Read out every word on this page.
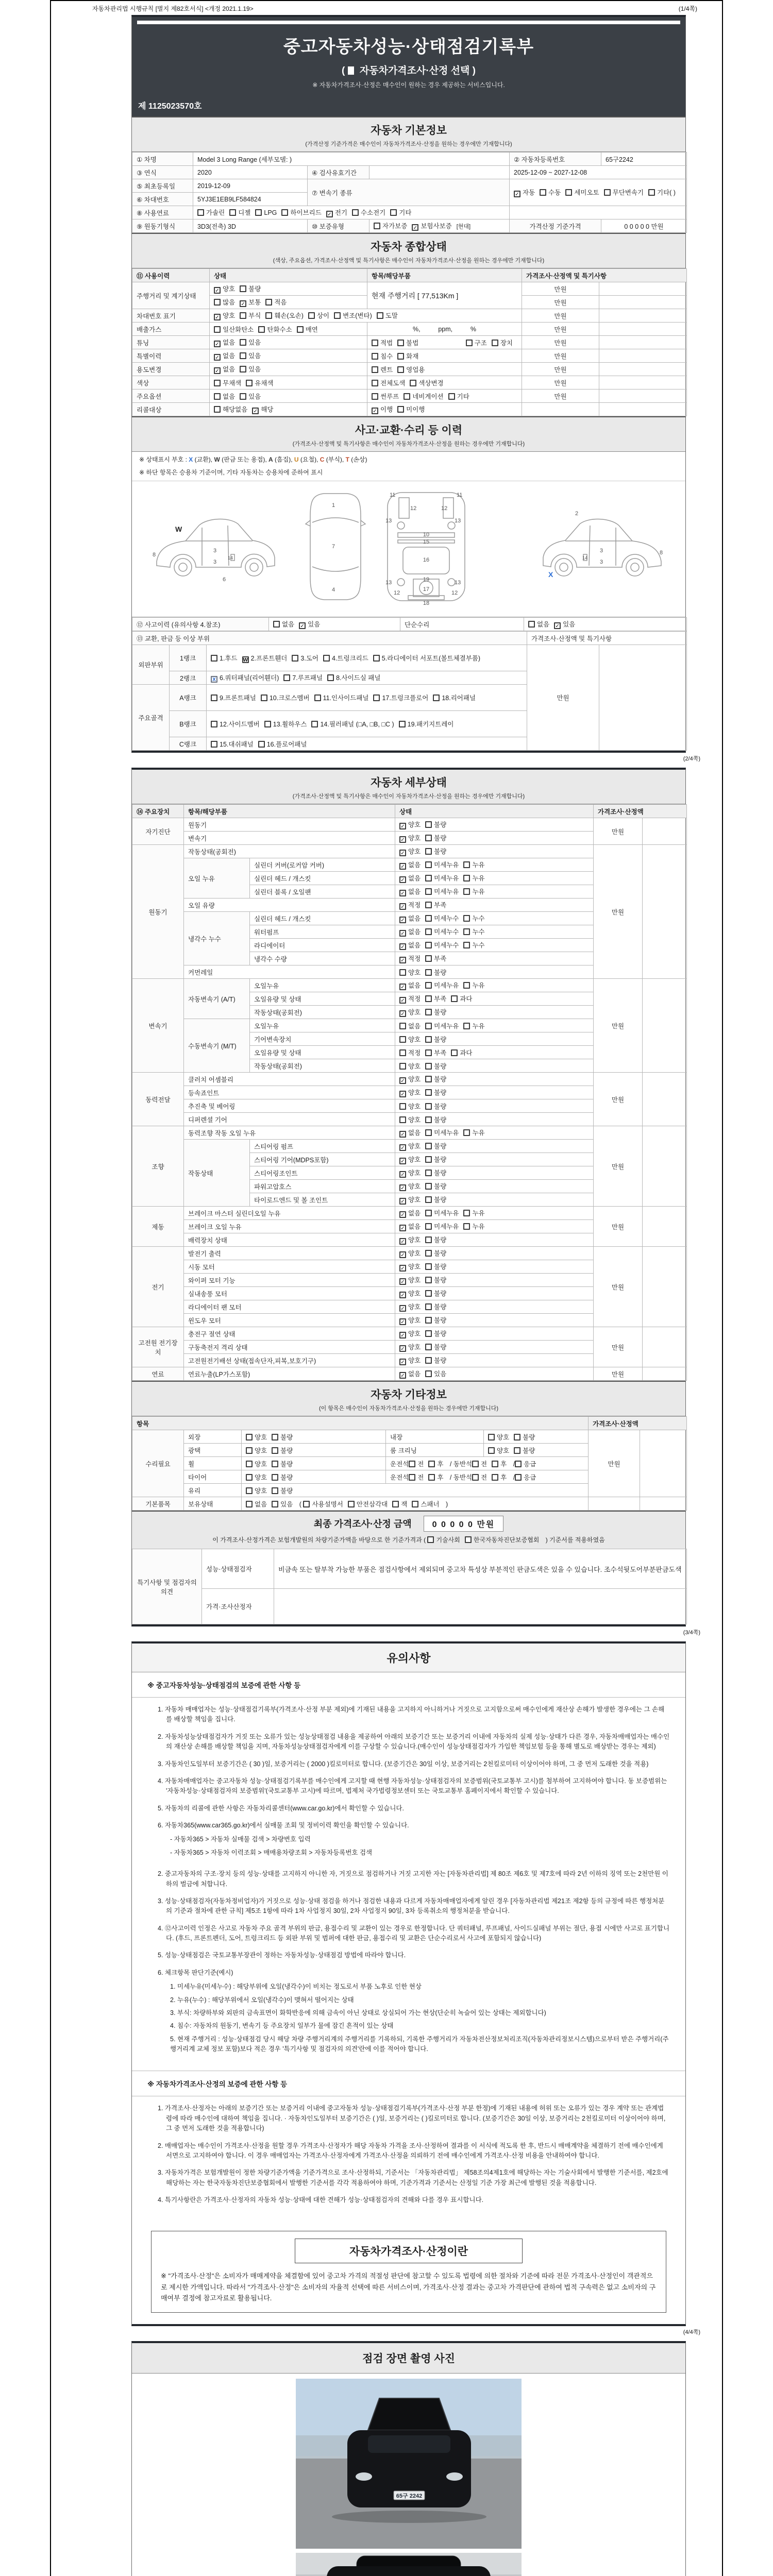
자동차관리법 시행규칙 [별지 제82호서식] <개정 2021.1.19>	(1/4쪽)
중고자동차성능·상태점검기록부
( 자동차가격조사·산정 선택 )
※ 자동차가격조사·산정은 매수인이 원하는 경우 제공하는 서비스입니다.
제 1125023570호
자동차 기본정보
(가격산정 기준가격은 매수인이 자동차가격조사·산정을 원하는 경우에만 기재합니다)
① 차명	Model 3 Long Range (세부모델: )			② 자동차등록번호	65구2242
③ 연식	2020	④ 검사유효기간		2025-12-09 ~ 2027-12-08	
⑤ 최초등록일	2019-12-09	⑦ 변속기 종류		✓ 자동 수동 세미오토 무단변속기 기타( )	
⑥ 차대번호	5YJ3E1EB9LF584824				
⑧ 사용연료	가솔린 디젤 LPG 하이브리드 ✓ 전기 수소전기 기타				
⑨ 원동기형식	3D3(전축) 3D	⑩ 보증유형	자가보증 ✓ 보험사보증 [현대]	가격산정 기준가격	0 0 0 0 0 만원
자동차 종합상태
(색상, 주요옵션, 가격조사·산정액 및 특기사항은 매수인이 자동차가격조사·산정을 원하는 경우에만 기재합니다)
⑪ 사용이력	상태	항목/해당부품	가격조사·산정액 및 특기사항	
주행거리 및 계기상태	✓ 양호 불량	현재 주행거리 [ 77,513Km ]	만원	
	많음 ✓ 보통 적음		만원	
차대번호 표기	✓ 양호 부식 훼손(오손) 상이 변조(변타) 도말		만원	
배출가스	일산화탄소 탄화수소 매연	%,          ppm,          %	만원	
튜닝	✓ 없음 있음	적법 불법 구조 장치	만원	
특별이력	✓ 없음 있음	침수 화재	만원	
용도변경	✓ 없음 있음	렌트 영업용	만원	
색상	무채색 유채색	전체도색 색상변경	만원	
주요옵션	없음 있음	썬루프 네비게이션 기타	만원	
리콜대상	해당없음 ✓ 해당	✓ 이행 미이행		
사고·교환·수리 등 이력
(가격조사·산정액 및 특기사항은 매수인이 자동차가격조사·산정을 원하는 경우에만 기재합니다)
※ 상태표시 부호 : X (교환), W (판금 또는 용접), A (흠집), U (요철), C (부식), T (손상)
※ 하단 항목은 승용차 기준이며, 기타 자동차는 승용차에 준하여 표시
8
3
3
14
6
1
7
4
11	11
12	12
13	13
10
15
16
13	13
19
17
12	12
18
2
3
3
8
14
W
X
⑫ 사고이력 (유의사항 4.참조)	없음 ✓ 있음	단순수리	없음 ✓ 있음
⑬ 교환, 판금 등 이상 부위			가격조사·산정액 및 특기사항	
외판부위	1랭크	1.후드 W 2.프론트휀더 3.도어 4.트렁크리드 5.라디에이터 서포트(볼트체결부품)	만원	
	2랭크	X 6.쿼터패널(리어휀더) 7.루프패널 8.사이드실 패널		
주요골격	A랭크	9.프론트패널 10.크로스멤버 11.인사이드패널 17.트렁크플로어 18.리어패널		
	B랭크	12.사이드멤버 13.휠하우스 14.필러패널 (□A, □B, □C ) 19.패키지트레이		
	C랭크	15.대쉬패널 16.플로어패널		
(2/4쪽)
자동차 세부상태
(가격조사·산정액 및 특기사항은 매수인이 자동차가격조사·산정을 원하는 경우에만 기재합니다)
⑭ 주요장치	항목/해당부품		상태	가격조사·산정액	
자기진단	원동기		✓ 양호 불량	만원	
	변속기		✓ 양호 불량		
원동기	작동상태(공회전)		✓ 양호 불량	만원	
	오일 누유	실린더 커버(로커암 커버)	✓ 없음 미세누유 누유		
		실린더 헤드 / 개스킷	✓ 없음 미세누유 누유		
		실린더 블록 / 오일팬	✓ 없음 미세누유 누유		
	오일 유량		✓ 적정 부족		
	냉각수 누수	실린더 헤드 / 개스킷	✓ 없음 미세누수 누수		
		워터펌프	✓ 없음 미세누수 누수		
		라디에이터	✓ 없음 미세누수 누수		
		냉각수 수량	✓ 적정 부족		
	커먼레일		양호 불량		
변속기	자동변속기 (A/T)	오일누유	✓ 없음 미세누유 누유	만원	
		오일유량 및 상태	✓ 적정 부족 과다		
		작동상태(공회전)	✓ 양호 불량		
	수동변속기 (M/T)	오일누유	없음 미세누유 누유		
		기어변속장치	양호 불량		
		오일유량 및 상태	적정 부족 과다		
		작동상태(공회전)	양호 불량		
동력전달	클러치 어셈블리		✓ 양호 불량	만원	
	등속죠인트		✓ 양호 불량		
	추진축 및 베어링		양호 불량		
	디퍼렌셜 기어		양호 불량		
조향	동력조향 작동 오일 누유		✓ 없음 미세누유 누유	만원	
	작동상태	스티어링 펌프	✓ 양호 불량		
		스티어링 기어(MDPS포함)	✓ 양호 불량		
		스티어링조인트	✓ 양호 불량		
		파워고압호스	✓ 양호 불량		
		타이로드엔드 및 볼 조인트	✓ 양호 불량		
제동	브레이크 마스터 실린더오일 누유		✓ 없음 미세누유 누유	만원	
	브레이크 오일 누유		✓ 없음 미세누유 누유		
	배력장치 상태		✓ 양호 불량		
전기	발전기 출력		✓ 양호 불량	만원	
	시동 모터		✓ 양호 불량		
	와이퍼 모터 기능		✓ 양호 불량		
	실내송풍 모터		✓ 양호 불량		
	라디에이터 팬 모터		✓ 양호 불량		
	윈도우 모터		✓ 양호 불량		
고전원 전기장치	충전구 절연 상태		✓ 양호 불량	만원	
	구동축전지 격리 상태		✓ 양호 불량		
	고전원전기배선 상태(접속단자,피복,보호기구)		✓ 양호 불량		
연료	연료누출(LP가스포함)		✓ 없음 있음	만원	
자동차 기타정보
(이 항목은 매수인이 자동차가격조사·산정을 원하는 경우에만 기재합니다)
항목					가격조사·산정액	
수리필요	외장	양호 불량	내장	양호 불량	만원	
	광택	양호 불량	룸 크리닝	양호 불량		
	휠	양호 불량	운전석 전 후 / 동반석 전 후 / 응급			
	타이어	양호 불량	운전석 전 후 / 동반석 전 후 / 응급			
	유리	양호 불량				
기본품목	보유상태	없음 있음 ( 사용설명서 안전삼각대 잭 스패너 )				
최종 가격조사·산정 금액	0 0 0 0 0 만원
이 가격조사·산정가격은 보험개발원의 차량기준가액을 바탕으로 한 기준가격과 ( 기술사회 한국자동차진단보증협회 ) 기준서를 적용하였음
특기사항 및 점검자의 의견	성능·상태점검자	비금속 또는 탈부착 가능한 부품은 점검사항에서 제외되며 중고차 특성상 부분적인 판금도색은 있을 수 있습니다. 조수석뒷도어부분판금도색
	가격·조사산정자	
(3/4쪽)
유의사항
※ 중고자동차성능·상태점검의 보증에 관한 사항 등
1. 자동차 매매업자는 성능·상태점검기록부(가격조사·산정 부분 제외)에 기재된 내용을 고지하지 아니하거나 거짓으로 고지함으로써 매수인에게 재산상 손해가 발생한 경우에는 그 손해를 배상할 책임을 집니다.
2. 자동차성능상태점검자가 거짓 또는 오류가 있는 성능상태점검 내용을 제공하여 아래의 보증기간 또는 보증거리 이내에 자동차의 실제 성능·상태가 다른 경우, 자동차매매업자는 매수인의 재산상 손해를 배상할 책임을 지며, 자동차성능상태점검자에게 이를 구상할 수 있습니다.(매수인이 성능상태점검자가 가입한 책임보험 등을 통해 별도로 배상받는 경우는 제외)
3. 자동차인도일부터 보증기간은 ( 30 )일, 보증거리는 ( 2000 )킬로미터로 합니다. (보증기간은 30일 이상, 보증거리는 2천킬로미터 이상이어야 하며, 그 중 먼저 도래한 것을 적용)
4. 자동차매매업자는 중고자동차 성능·상태점검기록부를 매수인에게 고지할 때 현행 자동차성능·상태점검자의 보증범위(국토교통부 고시)를 첨부하여 고지하여야 합니다. 동 보증범위는 '자동차성능·상태점검자의 보증범위'(국토교통부 고시)에 따르며, 법제처 국가법령정보센터 또는 국토교통부 홈페이지에서 확인할 수 있습니다.
5. 자동차의 리콜에 관한 사항은 자동차리콜센터(www.car.go.kr)에서 확인할 수 있습니다.
6. 자동차365(www.car365.go.kr)에서 실매물 조회 및 정비이력 확인을 확인할 수 있습니다.
- 자동차365 > 자동차 실매물 검색 > 차량번호 입력
- 자동차365 > 자동차 이력조회 > 매매용차량조회 > 자동차등록번호 검색
2. 중고자동차의 구조·장치 등의 성능·상태를 고지하지 아니한 자, 거짓으로 점검하거나 거짓 고지한 자는 [자동차관리법] 제 80조 제6호 및 제7호에 따라 2년 이하의 징역 또는 2천만원 이하의 벌금에 처합니다.
3. 성능·상태점검자(자동차정비업자)가 거짓으로 성능·상태 점검을 하거나 점검한 내용과 다르게 자동차매매업자에게 알린 경우 [자동차관리법 제21조 제2항 등의 규정에 따른 행정처분의 기준과 절차에 관한 규칙] 제5조 1항에 따라 1차 사업정지 30일, 2차 사업정지 90일, 3차 등록취소의 행정처분을 받습니다.
4. ⑫사고이력 인정은 사고로 자동차 주요 골격 부위의 판금, 용접수리 및 교환이 있는 경우로 한정합니다. 단 쿼터패널, 루프패널, 사이드실패널 부위는 절단, 용접 시에만 사고로 표기합니다. (후드, 프론트펜더, 도어, 트렁크리드 등 외판 부위 및 범퍼에 대한 판금, 용접수리 및 교환은 단순수리로서 사고에 포함되지 않습니다)
5. 성능·상태점검은 국토교통부장관이 정하는 자동차성능·상태점검 방법에 따라야 합니다.
6. 체크항목 판단기준(예시)
1. 미세누유(미세누수) : 해당부위에 오일(냉각수)이 비치는 정도로서 부품 노후로 인한 현상
2. 누유(누수) : 해당부위에서 오일(냉각수)이 맺혀서 떨어지는 상태
3. 부식: 차량하부와 외판의 금속표면이 화학반응에 의해 금속이 아닌 상태로 상실되어 가는 현상(단순히 녹슬어 있는 상태는 제외합니다)
4. 침수: 자동차의 원동기, 변속기 등 주요장치 일부가 물에 잠긴 흔적이 있는 상태
5. 현재 주행거리 : 성능·상태점검 당시 해당 차량 주행거리계의 주행거리를 기록하되, 기록한 주행거리가 자동차전산정보처리조직(자동차관리정보시스템)으로부터 받은 주행거리(주행거리계 교체 정보 포함)보다 적은 경우 '특기사항 및 점검자의 의견'란에 이를 적어야 합니다.
※ 자동차가격조사·산정의 보증에 관한 사항 등
1. 가격조사·산정자는 아래의 보증기간 또는 보증거리 이내에 중고자동차 성능·상태점검기록부(가격조사·산정 부분 한정)에 기재된 내용에 허위 또는 오류가 있는 경우 계약 또는 관계법령에 따라 매수인에 대하여 책임을 집니다. · 자동차인도일부터 보증기간은 ( )일, 보증거리는 ( )킬로미터로 합니다. (보증기간은 30일 이상, 보증거리는 2천킬로미터 이상이어야 하며, 그 중 먼저 도래한 것을 적용합니다)
2. 매매업자는 매수인이 가격조사·산정을 원할 경우 가격조사·산정자가 해당 자동차 가격을 조사·산정하여 결과를 이 서식에 적도록 한 후, 반드시 매매계약을 체결하기 전에 매수인에게 서면으로 고지하여야 합니다. 이 경우 매매업자는 가격조사·산정자에게 가격조사·산정을 의뢰하기 전에 매수인에게 가격조사·산정 비용을 안내하여야 합니다.
3. 자동차가격은 보험개발원이 정한 차량기준가액을 기준가격으로 조사·산정하되, 기준서는 「자동차관리법」 제58조의4제1호에 해당하는 자는 기술사회에서 발행한 기준서를, 제2호에 해당하는 자는 한국자동차진단보증협회에서 발행한 기준서를 각각 적용하여야 하며, 기준가격과 기준서는 산정일 기준 가장 최근에 발행된 것을 적용합니다.
4. 특기사항란은 가격조사·산정자의 자동차 성능·상태에 대한 견해가 성능·상태점검자의 견해와 다를 경우 표시합니다.
자동차가격조사·산정이란
※ "가격조사·산정"은 소비자가 매매계약을 체결함에 있어 중고차 가격의 적절성 판단에 참고할 수 있도록 법령에 의한 절차와 기준에 따라 전문 가격조사·산정인이 객관적으로 제시한 가액입니다. 따라서 "가격조사·산정"은 소비자의 자율적 선택에 따른 서비스이며, 가격조사·산정 결과는 중고차 가격판단에 관하여 법적 구속력은 없고 소비자의 구매여부 결정에 참고자료로 활용됩니다.
(4/4쪽)
점검 장면 촬영 사진
65구 2242
